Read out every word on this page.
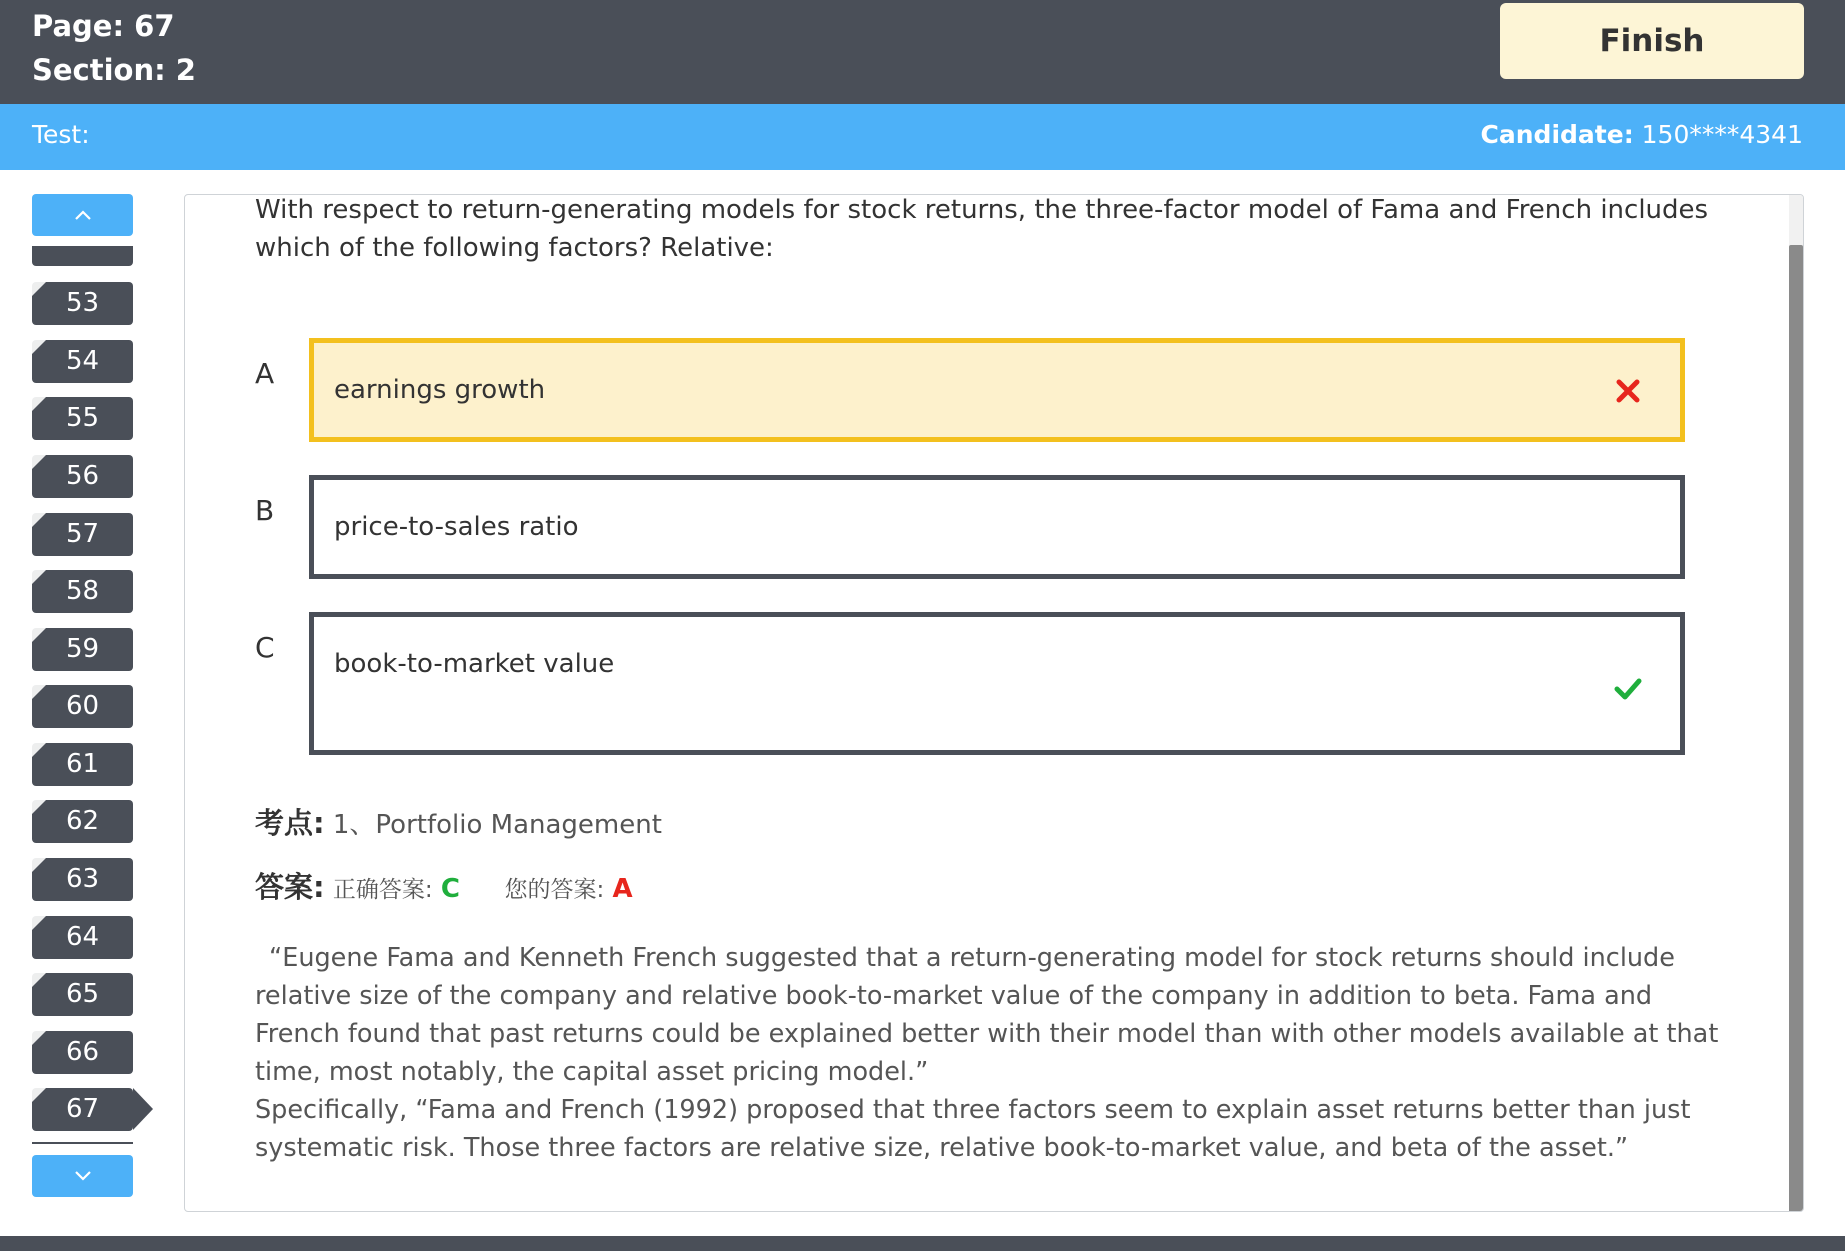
Page: 67
Section: 2
Finish
Test:	Candidate: 150****4341
53
54
55
56
57
58
59
60
61
62
63
64
65
66
67
With respect to return-generating models for stock returns, the three-factor model of Fama and French includes which of the following factors? Relative:
A earnings growth
B price-to-sales ratio
C book-to-market value
考点: 1、Portfolio Management
答案: 正确答案: C 您的答案: A

“Eugene Fama and Kenneth French suggested that a return-generating model for stock returns should include relative size of the company and relative book-to-market value of the company in addition to beta. Fama and French found that past returns could be explained better with their model than with other models available at that time, most notably, the capital asset pricing model.”

Specifically, “Fama and French (1992) proposed that three factors seem to explain asset returns better than just systematic risk. Those three factors are relative size, relative book-to-market value, and beta of the asset.”
